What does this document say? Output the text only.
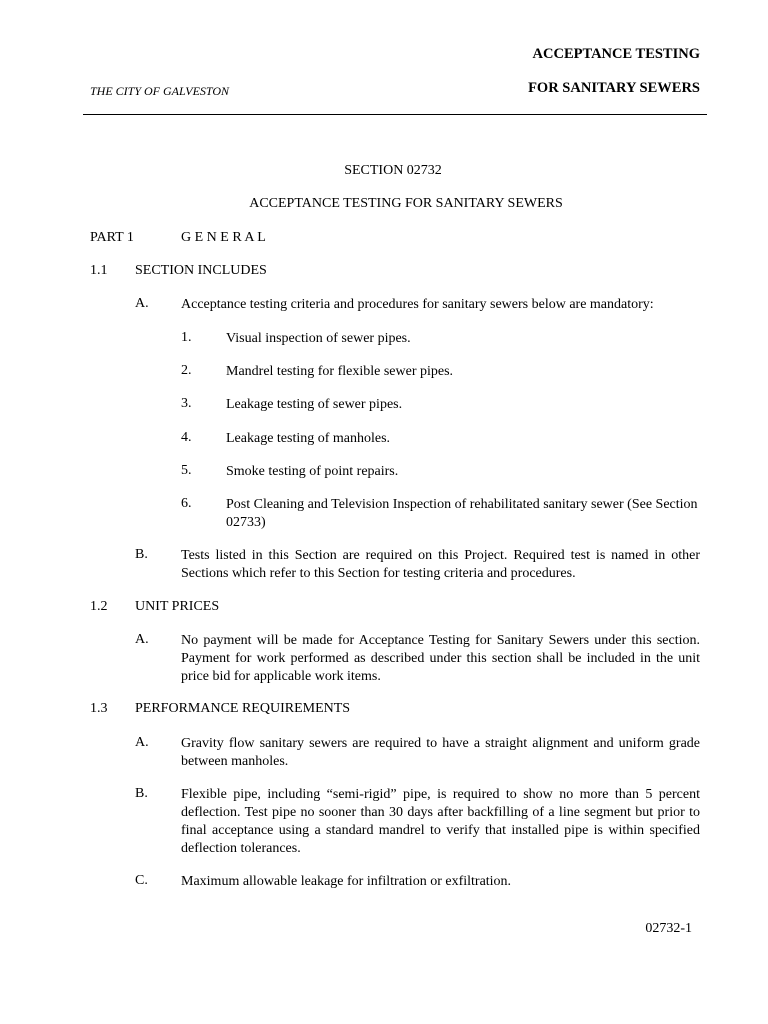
ACCEPTANCE TESTING
FOR SANITARY SEWERS
THE CITY OF GALVESTON
SECTION 02732
ACCEPTANCE TESTING FOR SANITARY SEWERS
PART 1	G E N E R A L
1.1 SECTION INCLUDES
A. Acceptance testing criteria and procedures for sanitary sewers below are mandatory:
1. Visual inspection of sewer pipes.
2. Mandrel testing for flexible sewer pipes.
3. Leakage testing of sewer pipes.
4. Leakage testing of manholes.
5. Smoke testing of point repairs.
6. Post Cleaning and Television Inspection of rehabilitated sanitary sewer (See Section 02733)
B. Tests listed in this Section are required on this Project. Required test is named in other Sections which refer to this Section for testing criteria and procedures.
1.2 UNIT PRICES
A. No payment will be made for Acceptance Testing for Sanitary Sewers under this section. Payment for work performed as described under this section shall be included in the unit price bid for applicable work items.
1.3 PERFORMANCE REQUIREMENTS
A. Gravity flow sanitary sewers are required to have a straight alignment and uniform grade between manholes.
B. Flexible pipe, including “semi-rigid” pipe, is required to show no more than 5 percent deflection. Test pipe no sooner than 30 days after backfilling of a line segment but prior to final acceptance using a standard mandrel to verify that installed pipe is within specified deflection tolerances.
C. Maximum allowable leakage for infiltration or exfiltration.
02732-1
